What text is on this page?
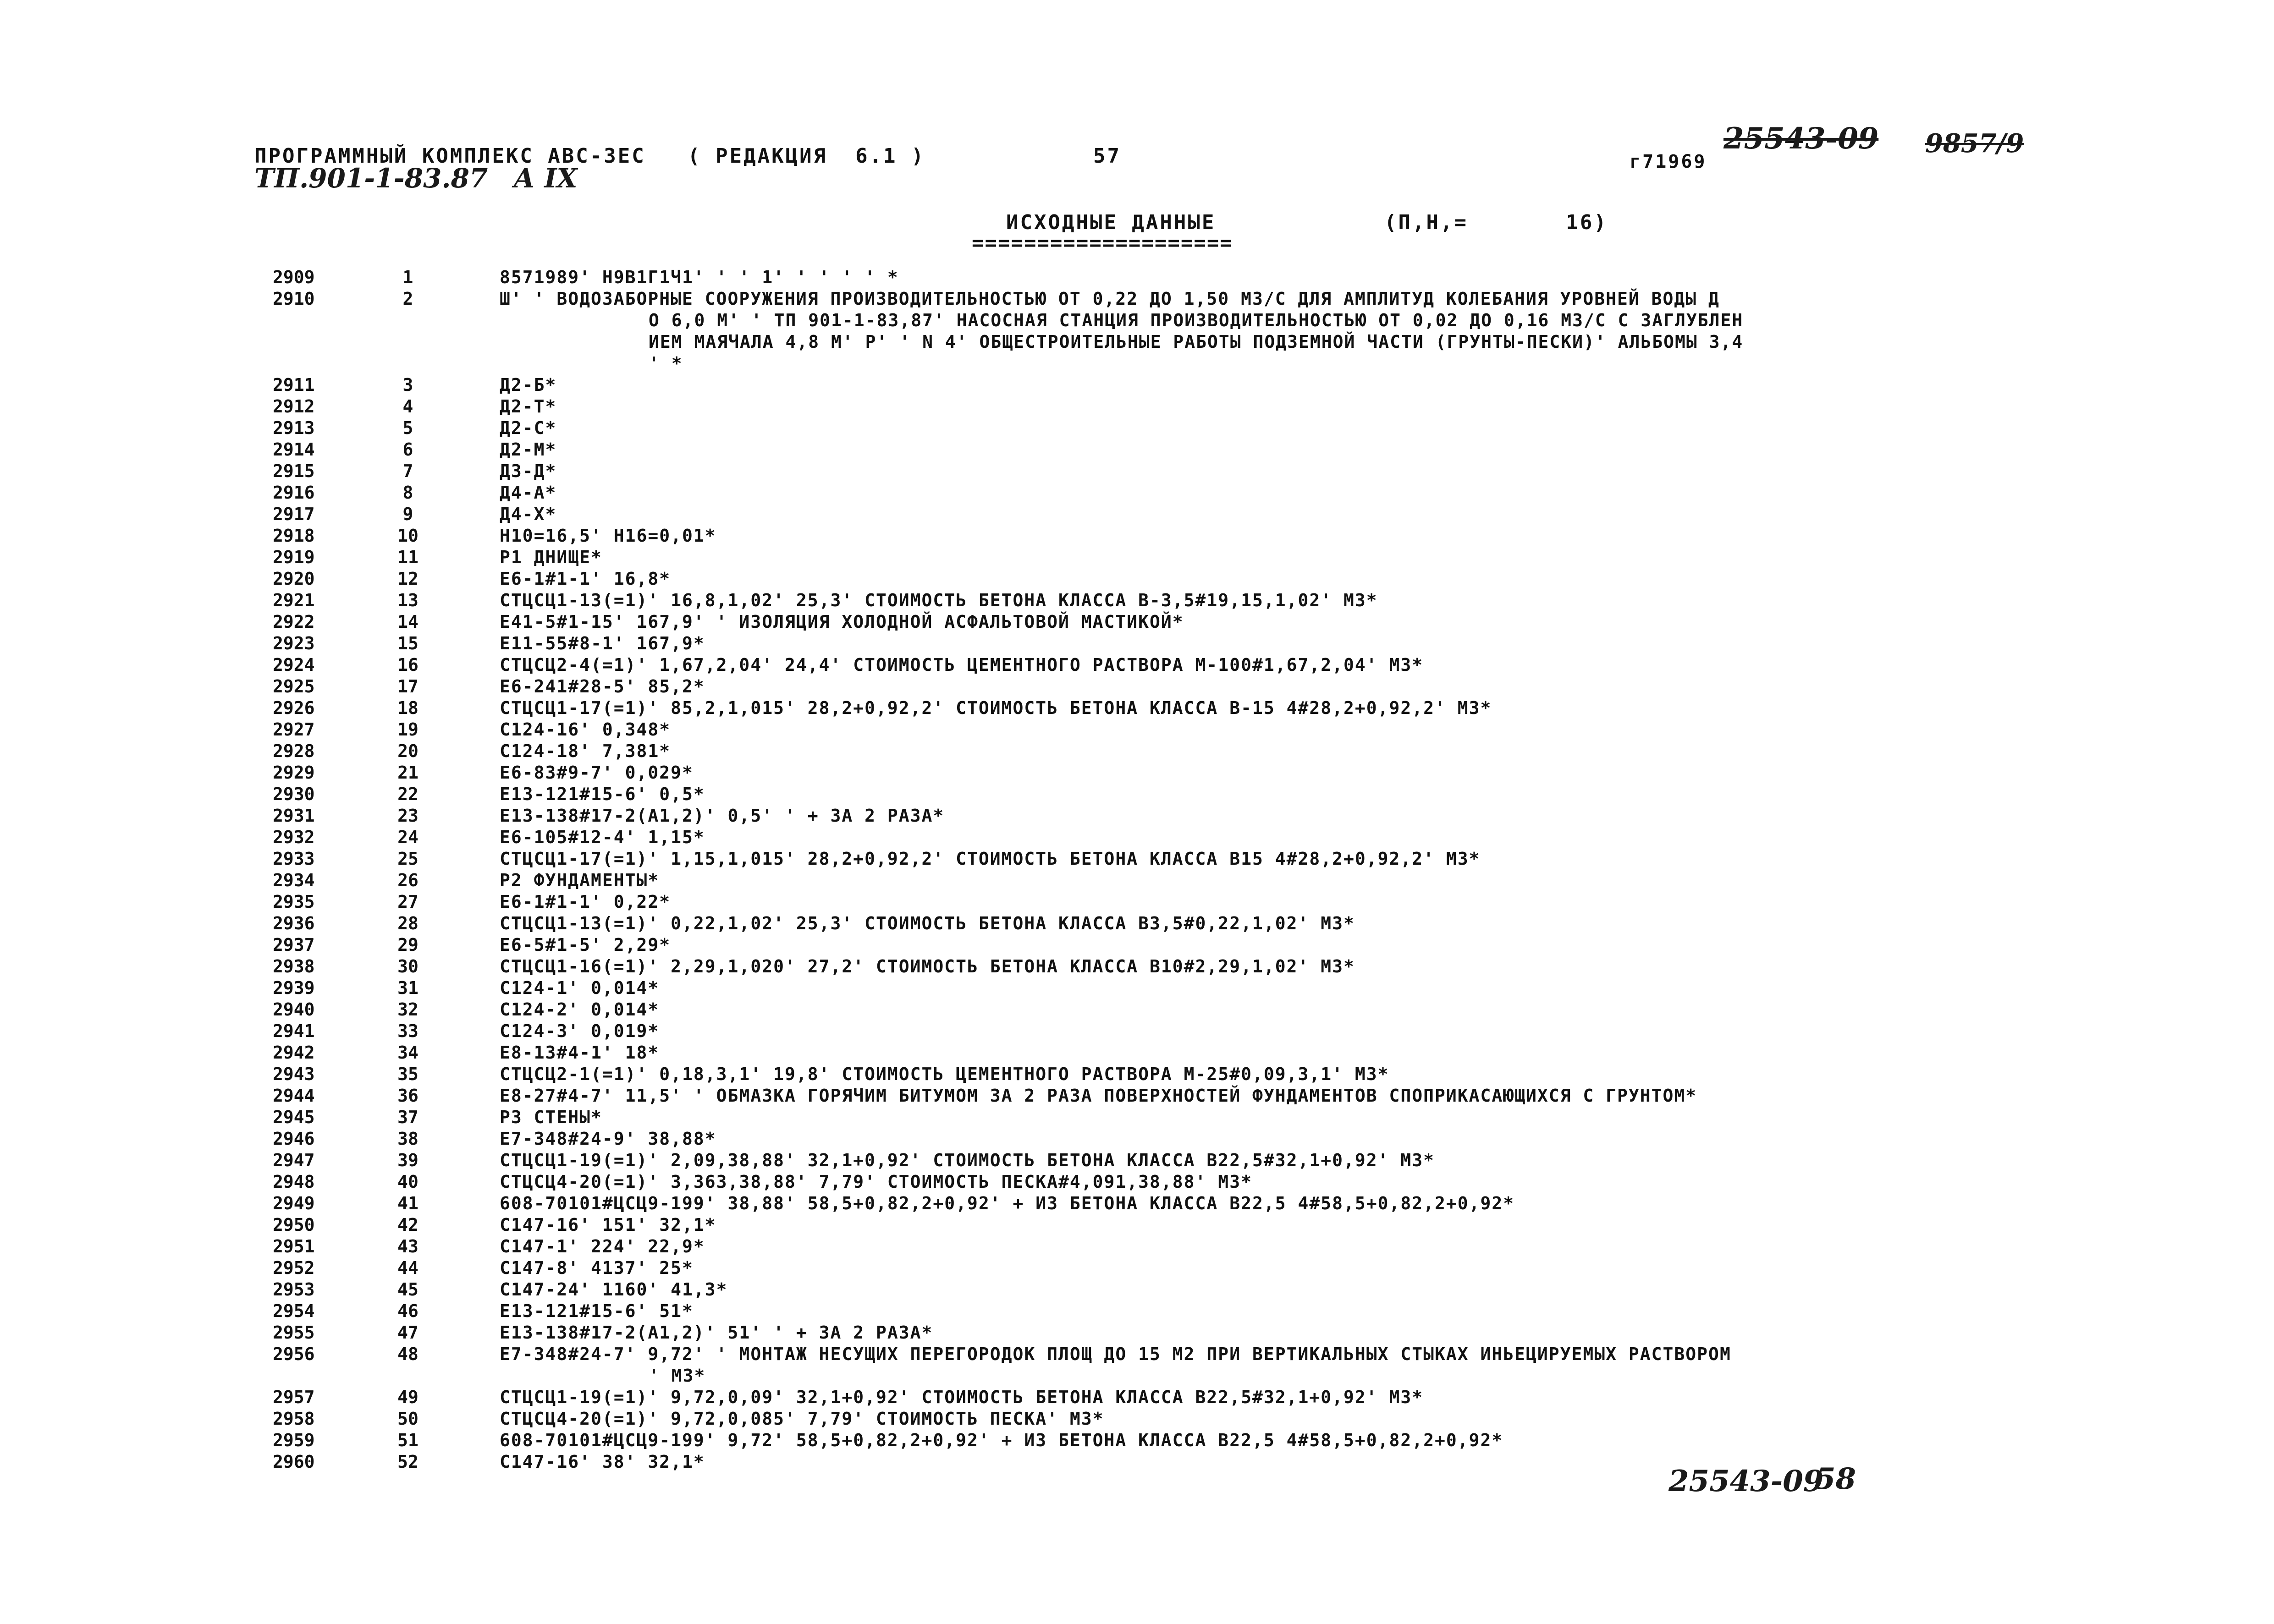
ПРОГРАММНЫЙ КОМПЛЕКС АВС-3ЕС   ( РЕДАКЦИЯ  6.1 )	57	г71969
25543-09 9857/9
ТП.901-1-83.87 А IX
ИСХОДНЫЕ ДАННЫЕ
====================
(П,Н,=       16)
2909	1	8571989' Н9В1Г1Ч1' ' ' 1' ' ' ' ' *
2910	2	Ш' ' ВОДОЗАБОРНЫЕ СООРУЖЕНИЯ ПРОИЗВОДИТЕЛЬНОСТЬЮ ОТ 0,22 ДО 1,50 М3/С ДЛЯ АМПЛИТУД КОЛЕБАНИЯ УРОВНЕЙ ВОДЫ Д
О 6,0 М' ' ТП 901-1-83,87' НАСОСНАЯ СТАНЦИЯ ПРОИЗВОДИТЕЛЬНОСТЬЮ ОТ 0,02 ДО 0,16 М3/С С ЗАГЛУБЛЕН
ИЕМ МАЯЧАЛА 4,8 М' Р' ' N 4' ОБЩЕСТРОИТЕЛЬНЫЕ РАБОТЫ ПОДЗЕМНОЙ ЧАСТИ (ГРУНТЫ-ПЕСКИ)' АЛЬБОМЫ 3,4
' *
2911	3	Д2-Б*
2912	4	Д2-Т*
2913	5	Д2-С*
2914	6	Д2-М*
2915	7	Д3-Д*
2916	8	Д4-А*
2917	9	Д4-Х*
2918	10	Н10=16,5' Н16=0,01*
2919	11	Р1 ДНИЩЕ*
2920	12	Е6-1#1-1' 16,8*
2921	13	СТЦСЦ1-13(=1)' 16,8,1,02' 25,3' СТОИМОСТЬ БЕТОНА КЛАССА В-3,5#19,15,1,02' М3*
2922	14	Е41-5#1-15' 167,9' ' ИЗОЛЯЦИЯ ХОЛОДНОЙ АСФАЛЬТОВОЙ МАСТИКОЙ*
2923	15	Е11-55#8-1' 167,9*
2924	16	СТЦСЦ2-4(=1)' 1,67,2,04' 24,4' СТОИМОСТЬ ЦЕМЕНТНОГО РАСТВОРА М-100#1,67,2,04' М3*
2925	17	Е6-241#28-5' 85,2*
2926	18	СТЦСЦ1-17(=1)' 85,2,1,015' 28,2+0,92,2' СТОИМОСТЬ БЕТОНА КЛАССА В-15 4#28,2+0,92,2' М3*
2927	19	С124-16' 0,348*
2928	20	С124-18' 7,381*
2929	21	Е6-83#9-7' 0,029*
2930	22	Е13-121#15-6' 0,5*
2931	23	Е13-138#17-2(А1,2)' 0,5' ' + ЗА 2 РАЗА*
2932	24	Е6-105#12-4' 1,15*
2933	25	СТЦСЦ1-17(=1)' 1,15,1,015' 28,2+0,92,2' СТОИМОСТЬ БЕТОНА КЛАССА В15 4#28,2+0,92,2' М3*
2934	26	Р2 ФУНДАМЕНТЫ*
2935	27	Е6-1#1-1' 0,22*
2936	28	СТЦСЦ1-13(=1)' 0,22,1,02' 25,3' СТОИМОСТЬ БЕТОНА КЛАССА В3,5#0,22,1,02' М3*
2937	29	Е6-5#1-5' 2,29*
2938	30	СТЦСЦ1-16(=1)' 2,29,1,020' 27,2' СТОИМОСТЬ БЕТОНА КЛАССА В10#2,29,1,02' М3*
2939	31	С124-1' 0,014*
2940	32	С124-2' 0,014*
2941	33	С124-3' 0,019*
2942	34	Е8-13#4-1' 18*
2943	35	СТЦСЦ2-1(=1)' 0,18,3,1' 19,8' СТОИМОСТЬ ЦЕМЕНТНОГО РАСТВОРА М-25#0,09,3,1' М3*
2944	36	Е8-27#4-7' 11,5' ' ОБМАЗКА ГОРЯЧИМ БИТУМОМ ЗА 2 РАЗА ПОВЕРХНОСТЕЙ ФУНДАМЕНТОВ СПОПРИКАСАЮЩИХСЯ С ГРУНТОМ*
2945	37	Р3 СТЕНЫ*
2946	38	Е7-348#24-9' 38,88*
2947	39	СТЦСЦ1-19(=1)' 2,09,38,88' 32,1+0,92' СТОИМОСТЬ БЕТОНА КЛАССА В22,5#32,1+0,92' М3*
2948	40	СТЦСЦ4-20(=1)' 3,363,38,88' 7,79' СТОИМОСТЬ ПЕСКА#4,091,38,88' М3*
2949	41	608-70101#ЦСЦ9-199' 38,88' 58,5+0,82,2+0,92' + ИЗ БЕТОНА КЛАССА В22,5 4#58,5+0,82,2+0,92*
2950	42	С147-16' 151' 32,1*
2951	43	С147-1' 224' 22,9*
2952	44	С147-8' 4137' 25*
2953	45	С147-24' 1160' 41,3*
2954	46	Е13-121#15-6' 51*
2955	47	Е13-138#17-2(А1,2)' 51' ' + ЗА 2 РАЗА*
2956	48	Е7-348#24-7' 9,72' ' МОНТАЖ НЕСУЩИХ ПЕРЕГОРОДОК ПЛОЩ ДО 15 М2 ПРИ ВЕРТИКАЛЬНЫХ СТЫКАХ ИНЬЕЦИРУЕМЫХ РАСТВОРОМ
' М3*
2957	49	СТЦСЦ1-19(=1)' 9,72,0,09' 32,1+0,92' СТОИМОСТЬ БЕТОНА КЛАССА В22,5#32,1+0,92' М3*
2958	50	СТЦСЦ4-20(=1)' 9,72,0,085' 7,79' СТОИМОСТЬ ПЕСКА' М3*
2959	51	608-70101#ЦСЦ9-199' 9,72' 58,5+0,82,2+0,92' + ИЗ БЕТОНА КЛАССА В22,5 4#58,5+0,82,2+0,92*
2960	52	С147-16' 38' 32,1*
25543-09
58
